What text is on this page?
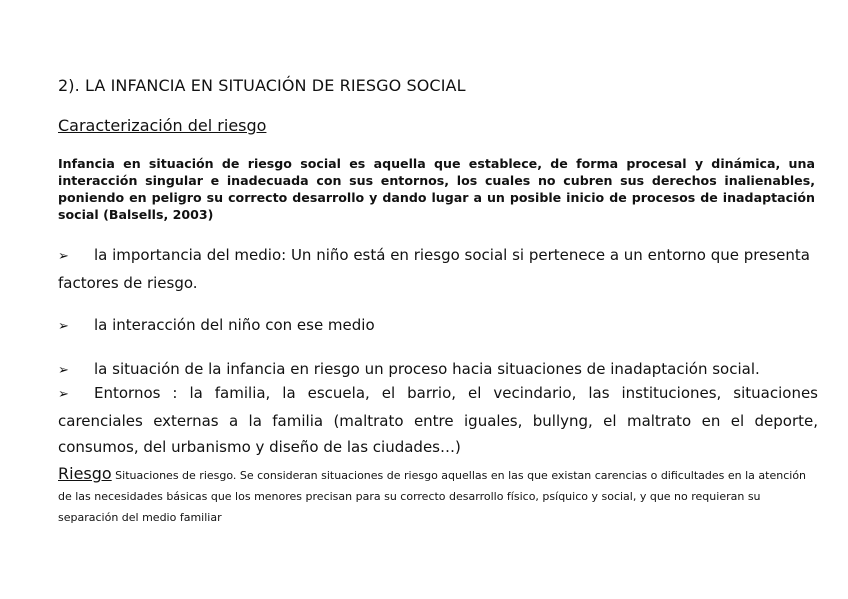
2). LA INFANCIA EN SITUACIÓN DE RIESGO SOCIAL
Caracterización del riesgo

Infancia en situación de riesgo social es aquella que establece, de forma procesal y dinámica, una interacción singular e inadecuada con sus entornos, los cuales no cubren sus derechos inalienables, poniendo en peligro su correcto desarrollo y dando lugar a un posible inicio de procesos de inadaptación social (Balsells, 2003)

➢ la importancia del medio: Un niño está en riesgo social si pertenece a un entorno que presenta factores de riesgo.

➢ la interacción del niño con ese medio

➢ la situación de la infancia en riesgo un proceso hacia situaciones de inadaptación social.

➢ Entornos : la familia, la escuela, el barrio, el vecindario, las instituciones, situaciones carenciales externas a la familia (maltrato entre iguales, bullyng, el maltrato en el deporte, consumos, del urbanismo y diseño de las ciudades…)

Riesgo Situaciones de riesgo. Se consideran situaciones de riesgo aquellas en las que existan carencias o dificultades en la atención de las necesidades básicas que los menores precisan para su correcto desarrollo físico, psíquico y social, y que no requieran su separación del medio familiar
